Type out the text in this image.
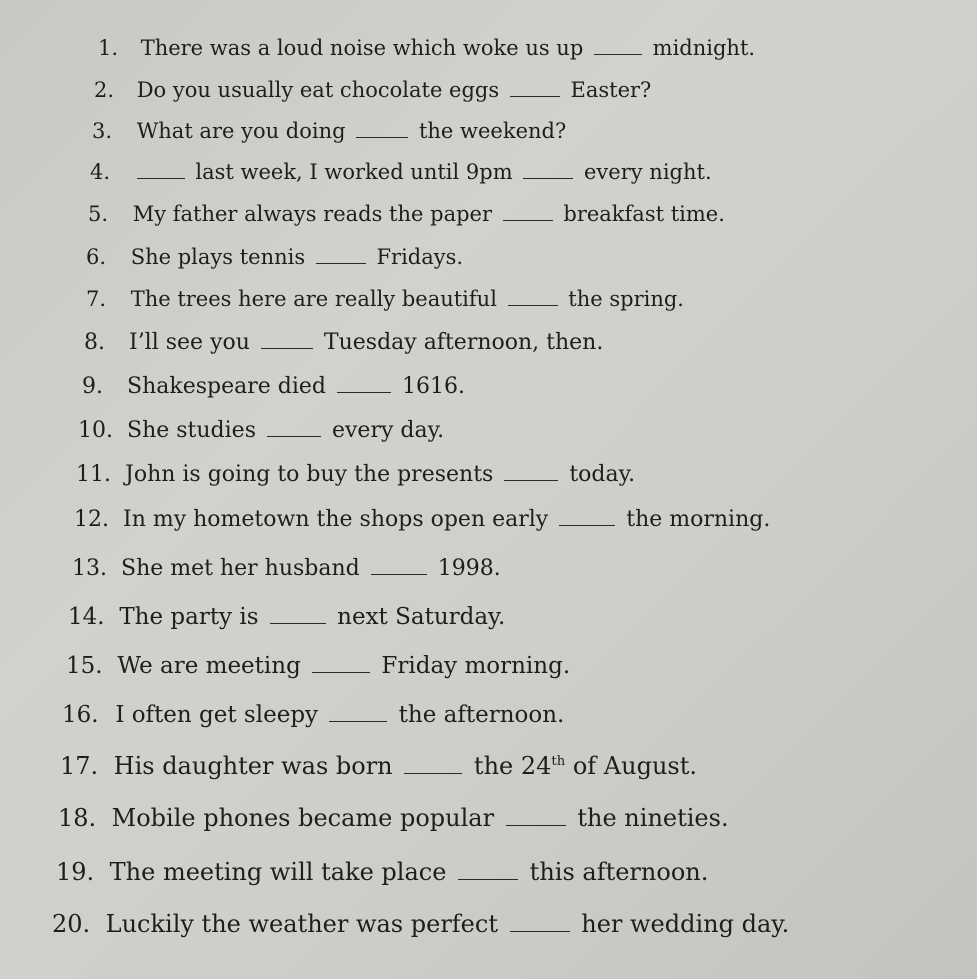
1. There was a loud noise which woke us up	midnight.
2. Do you usually eat chocolate eggs	Easter?
3. What are you doing	the weekend?
4.	last week, I worked until 9pm	every night.
5. My father always reads the paper	breakfast time.
6. She plays tennis	Fridays.
7. The trees here are really beautiful	the spring.
8. I’ll see you	Tuesday afternoon, then.
9. Shakespeare died	1616.
10. She studies	every day.
11. John is going to buy the presents	today.
12. In my hometown the shops open early	the morning.
13. She met her husband	1998.
14. The party is	next Saturday.
15. We are meeting	Friday morning.
16. I often get sleepy	the afternoon.
17. His daughter was born	the 24th of August.
18. Mobile phones became popular	the nineties.
19. The meeting will take place	this afternoon.
20. Luckily the weather was perfect	her wedding day.
